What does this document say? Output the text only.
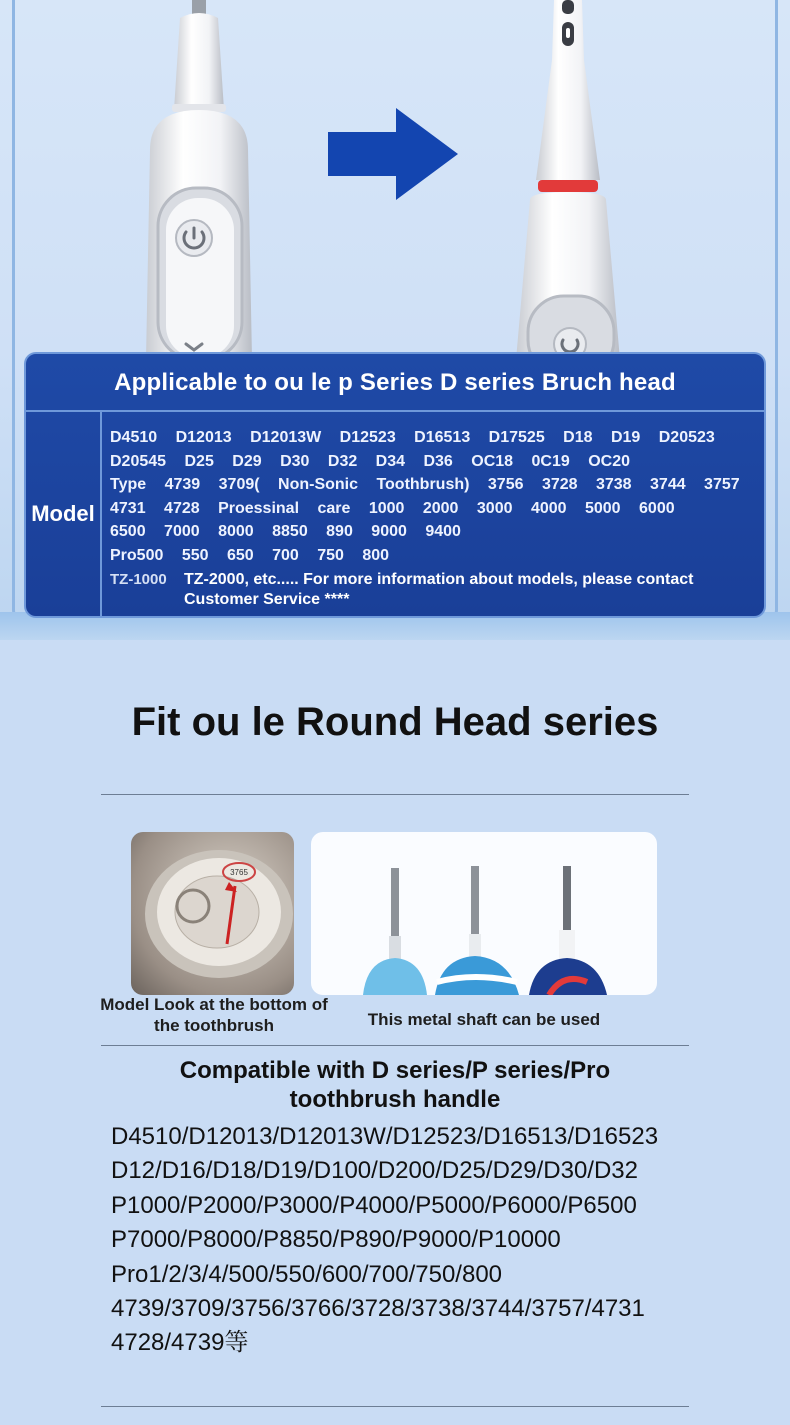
Applicable to ou le p Series D series Bruch head
Model
D4510 D12013 D12013W D12523 D16513 D17525 D18 D19 D20523
D20545 D25 D29 D30 D32 D34 D36 OC18 0C19 OC20
Type 4739 3709( Non-Sonic Toothbrush) 3756 3728 3738 3744 3757
4731 4728 Proessinal care 1000 2000 3000 4000 5000 6000
6500 7000 8000 8850 890 9000 9400
Pro500 550 650 700 750 800
TZ-1000	TZ-2000, etc..... For more information about models, please contact Customer Service ****
Fit ou le Round Head series
3765
Model Look at the bottom of the toothbrush	This metal shaft can be used
Compatible with D series/P series/Pro toothbrush handle
D4510/D12013/D12013W/D12523/D16513/D16523
D12/D16/D18/D19/D100/D200/D25/D29/D30/D32
P1000/P2000/P3000/P4000/P5000/P6000/P6500
P7000/P8000/P8850/P890/P9000/P10000
Pro1/2/3/4/500/550/600/700/750/800
4739/3709/3756/3766/3728/3738/3744/3757/4731
4728/4739等
